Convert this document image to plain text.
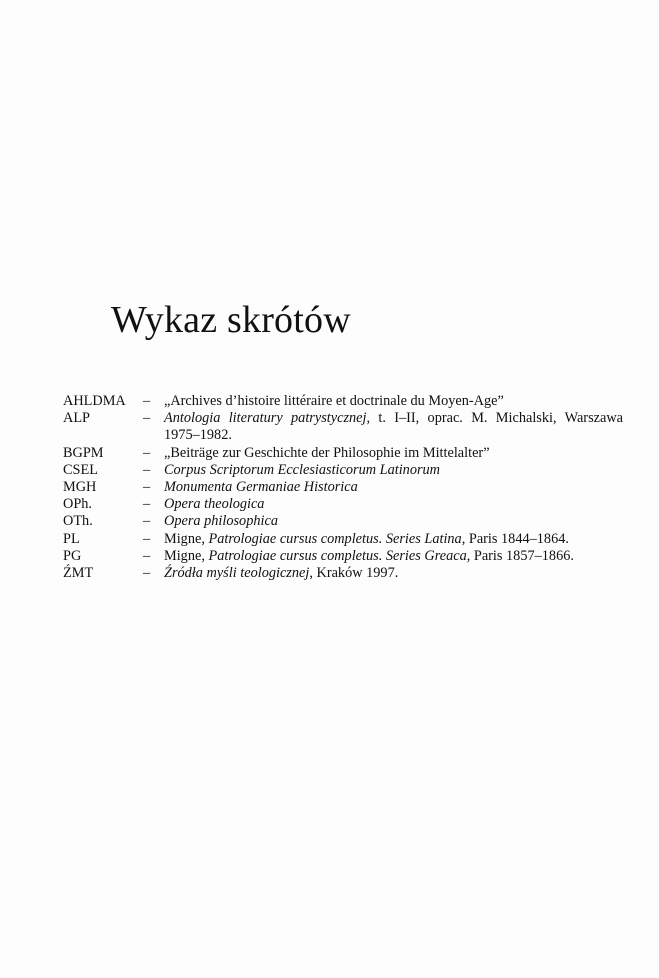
Wykaz skrótów
AHLDMA	– „Archives d’histoire littéraire et doctrinale du Moyen-Age”
ALP	– Antologia literatury patrystycznej, t. I–II, oprac. M. Michalski, Warszawa 1975–1982.
BGPM	– „Beiträge zur Geschichte der Philosophie im Mittelalter”
CSEL	– Corpus Scriptorum Ecclesiasticorum Latinorum
MGH	– Monumenta Germaniae Historica
OPh.	– Opera theologica
OTh.	– Opera philosophica
PL	– Migne, Patrologiae cursus completus. Series Latina, Paris 1844–1864.
PG	– Migne, Patrologiae cursus completus. Series Greaca, Paris 1857–1866.
ŹMT	– Źródła myśli teologicznej, Kraków 1997.
